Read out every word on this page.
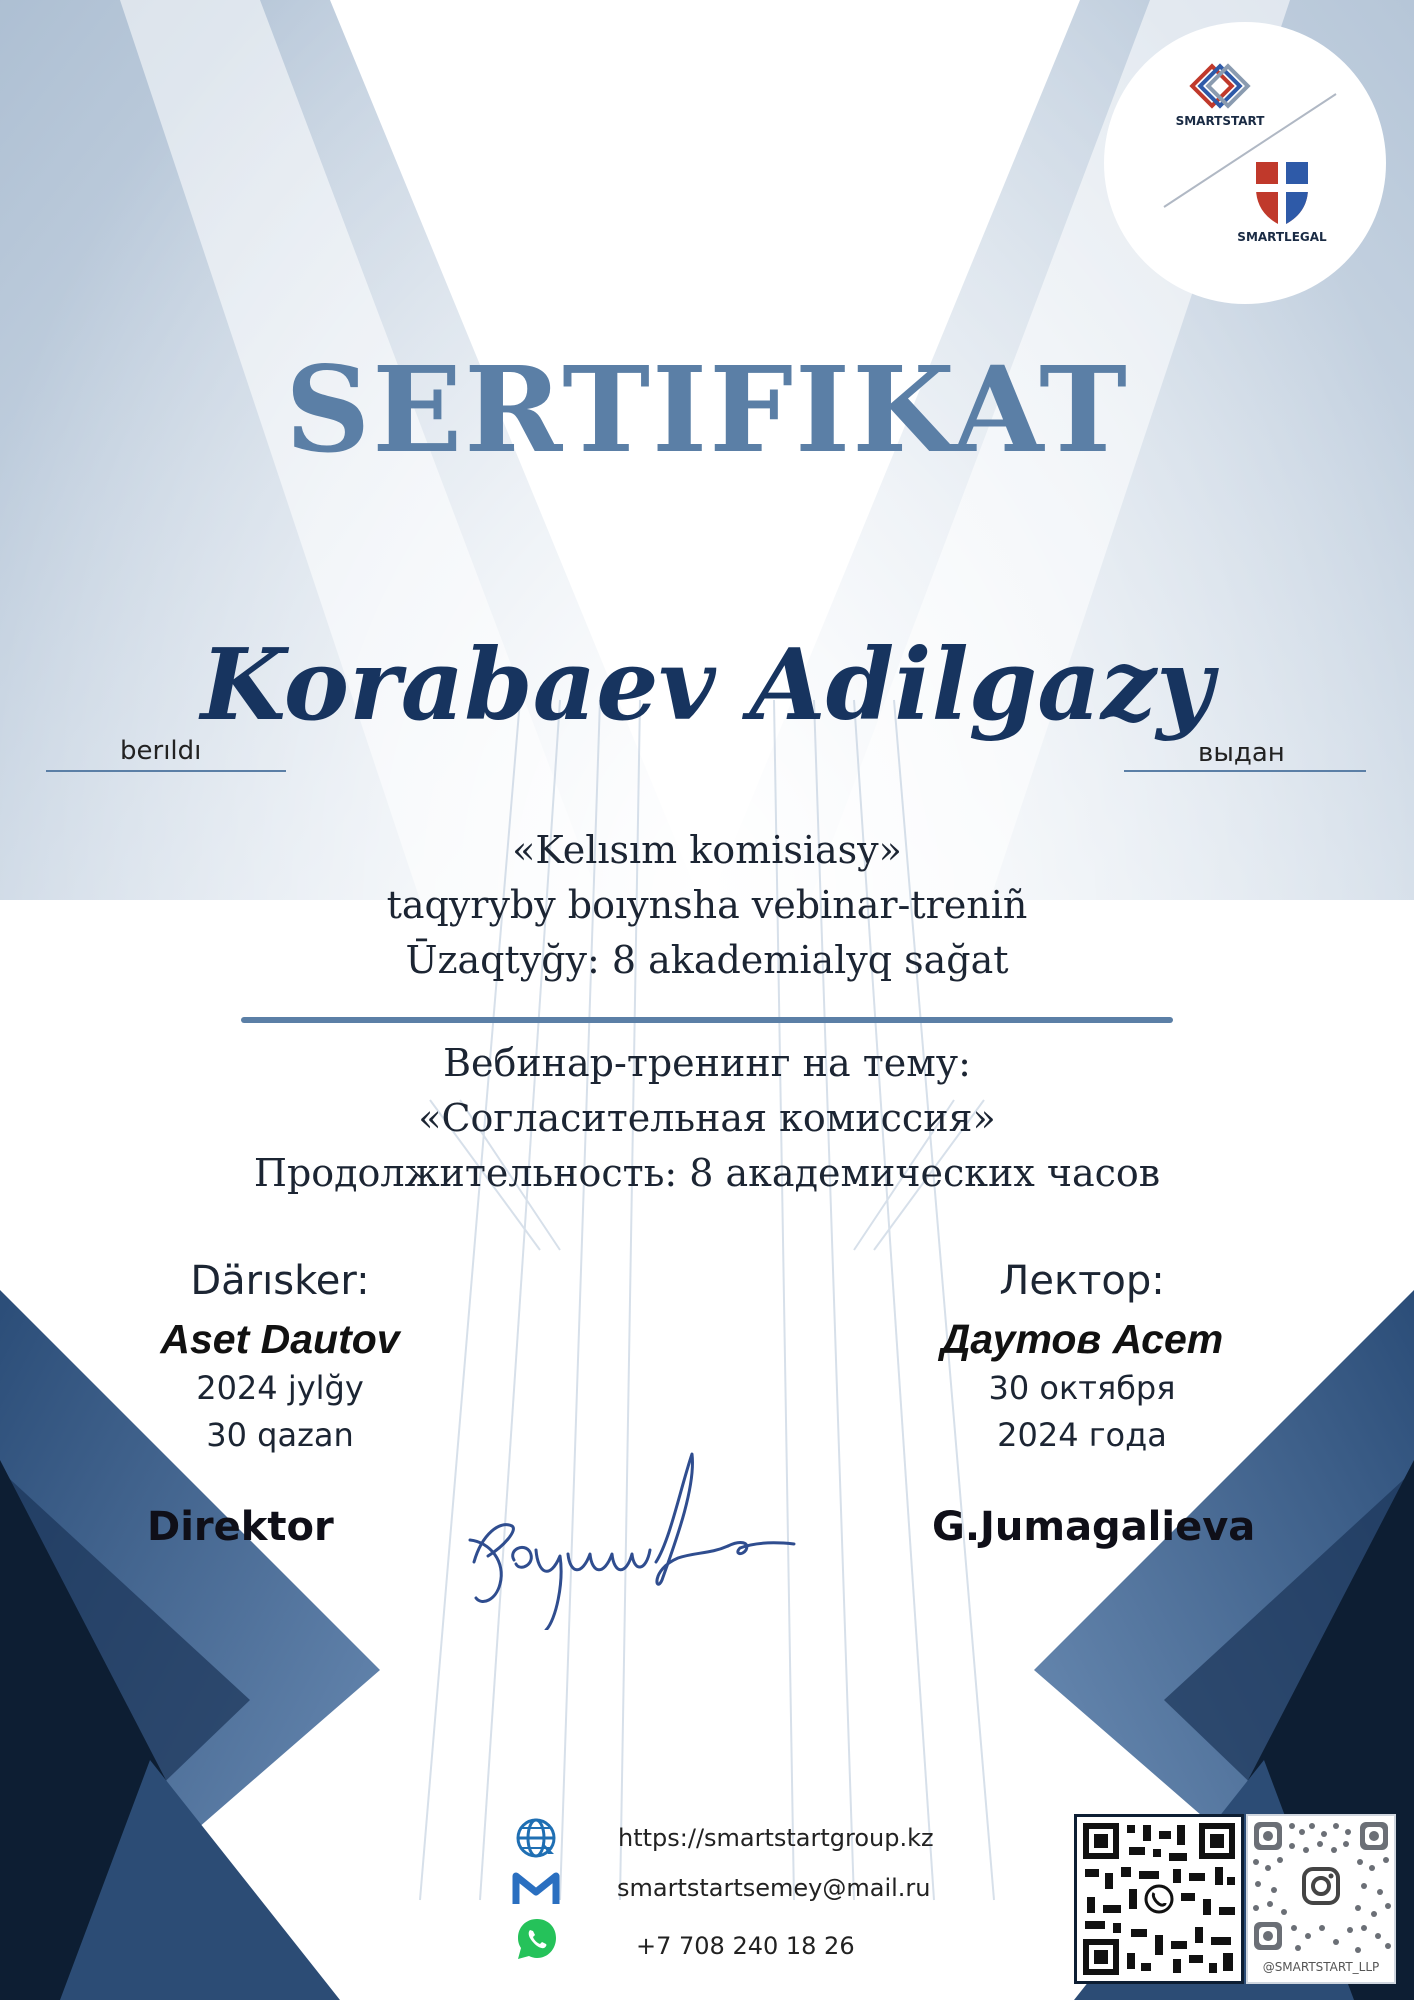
SMARTSTART
SMARTLEGAL
SERTIFIKAT
Korabaev Adilgazy
berıldı	выдан
«Kelısım komisiasy»
taqyryby boıynsha vebinar-treniñ
Ūzaqtyğy: 8 akademialyq sağat
Вебинар-тренинг на тему:
«Согласительная комиссия»
Продолжительность: 8 академических часов
Därısker:
Aset Dautov
2024 jylğy
30 qazan
Лектор:
Даутов Асет
30 октября
2024 года
Direktor	G.Jumagalieva
https://smartstartgroup.kz
smartstartsemey@mail.ru
+7 708 240 18 26
@SMARTSTART_LLP
